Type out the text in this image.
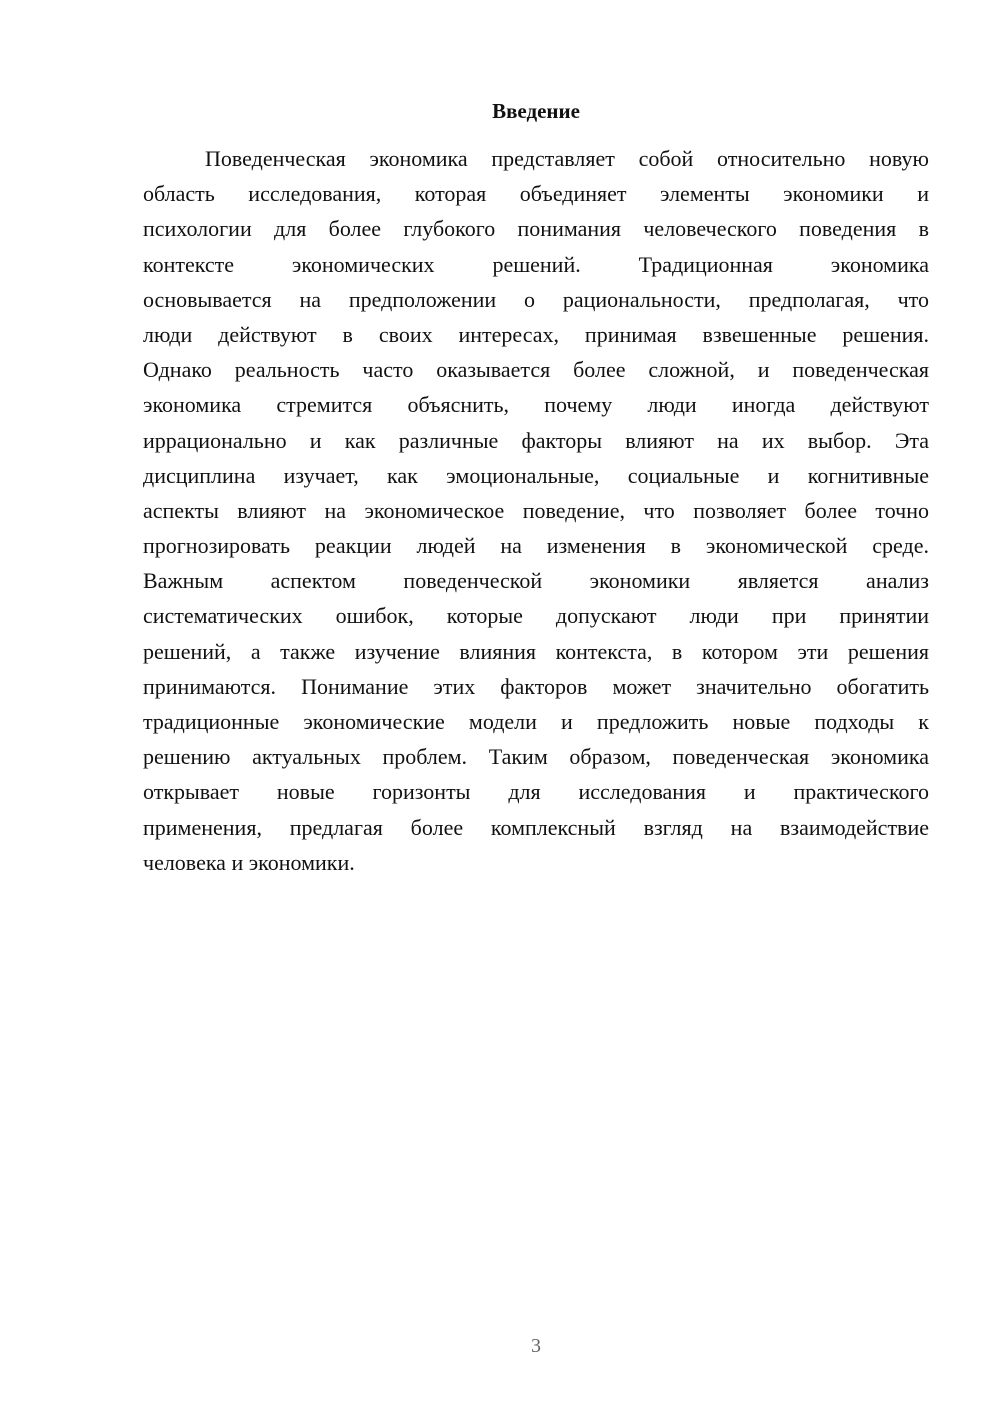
Введение
Поведенческая экономика представляет собой относительно новую
область исследования, которая объединяет элементы экономики и
психологии для более глубокого понимания человеческого поведения в
контексте экономических решений. Традиционная экономика
основывается на предположении о рациональности, предполагая, что
люди действуют в своих интересах, принимая взвешенные решения.
Однако реальность часто оказывается более сложной, и поведенческая
экономика стремится объяснить, почему люди иногда действуют
иррационально и как различные факторы влияют на их выбор. Эта
дисциплина изучает, как эмоциональные, социальные и когнитивные
аспекты влияют на экономическое поведение, что позволяет более точно
прогнозировать реакции людей на изменения в экономической среде.
Важным аспектом поведенческой экономики является анализ
систематических ошибок, которые допускают люди при принятии
решений, а также изучение влияния контекста, в котором эти решения
принимаются. Понимание этих факторов может значительно обогатить
традиционные экономические модели и предложить новые подходы к
решению актуальных проблем. Таким образом, поведенческая экономика
открывает новые горизонты для исследования и практического
применения, предлагая более комплексный взгляд на взаимодействие
человека и экономики.
3
